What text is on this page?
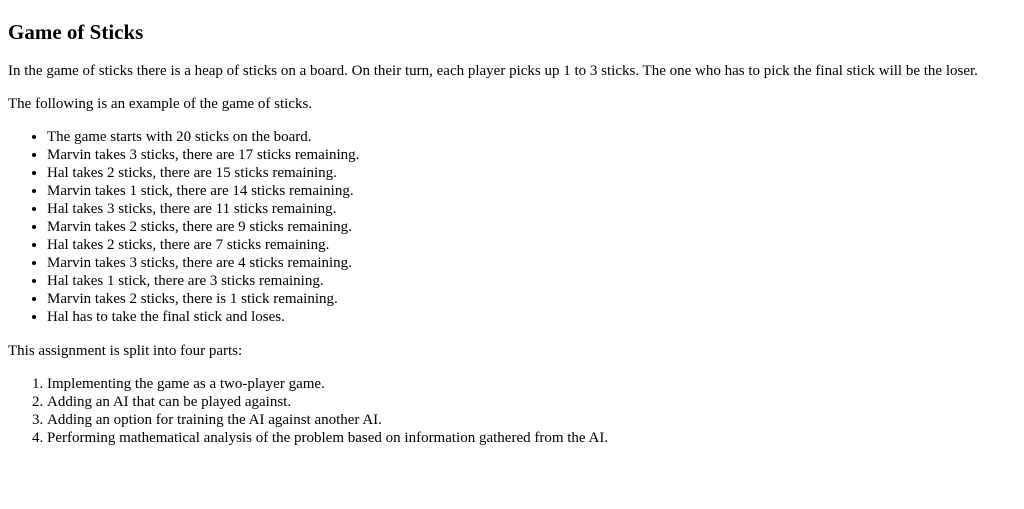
Game of Sticks

In the game of sticks there is a heap of sticks on a board. On their turn, each player picks up 1 to 3 sticks. The one who has to pick the final stick will be the loser.

The following is an example of the game of sticks.

• The game starts with 20 sticks on the board.
• Marvin takes 3 sticks, there are 17 sticks remaining.
• Hal takes 2 sticks, there are 15 sticks remaining.
• Marvin takes 1 stick, there are 14 sticks remaining.
• Hal takes 3 sticks, there are 11 sticks remaining.
• Marvin takes 2 sticks, there are 9 sticks remaining.
• Hal takes 2 sticks, there are 7 sticks remaining.
• Marvin takes 3 sticks, there are 4 sticks remaining.
• Hal takes 1 stick, there are 3 sticks remaining.
• Marvin takes 2 sticks, there is 1 stick remaining.
• Hal has to take the final stick and loses.

This assignment is split into four parts:

1. Implementing the game as a two-player game.
2. Adding an AI that can be played against.
3. Adding an option for training the AI against another AI.
4. Performing mathematical analysis of the problem based on information gathered from the AI.
